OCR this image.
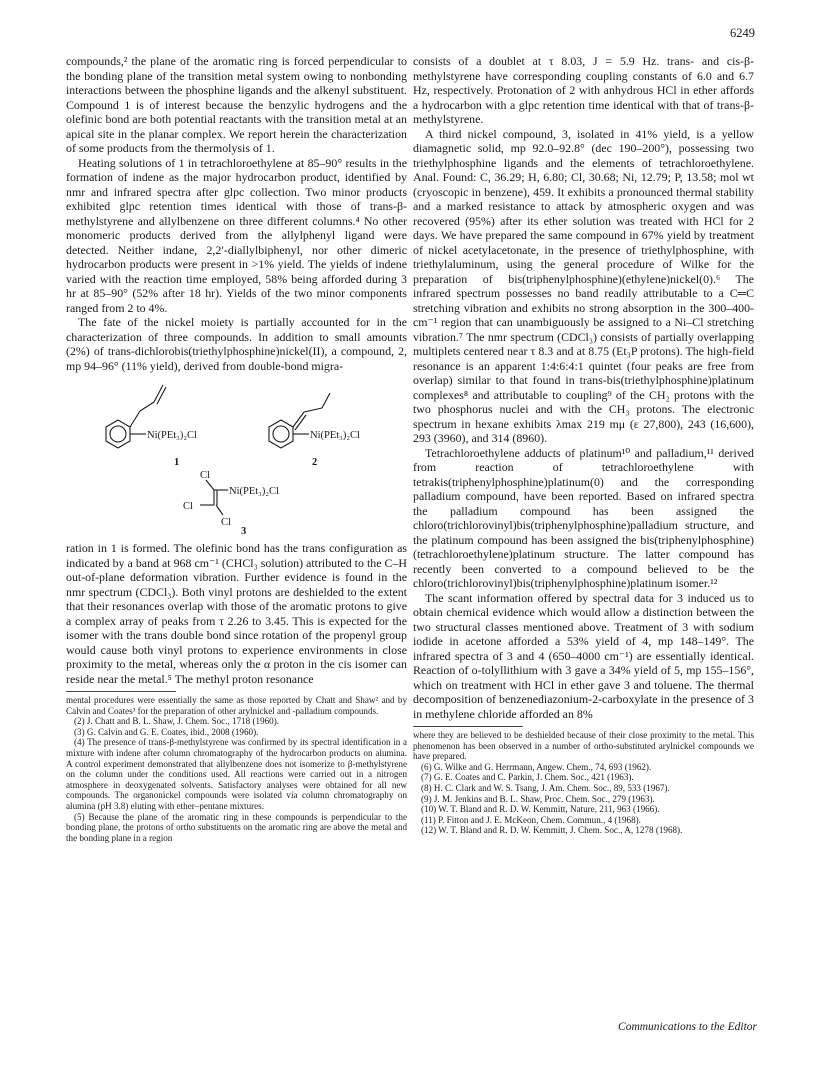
6249

compounds,² the plane of the aromatic ring is forced perpendicular to the bonding plane of the transition metal system owing to nonbonding interactions between the phosphine ligands and the alkenyl substituent. Compound 1 is of interest because the benzylic hydrogens and the olefinic bond are both potential reactants with the transition metal at an apical site in the planar complex. We report herein the characterization of some products from the thermolysis of 1.

Heating solutions of 1 in tetrachloroethylene at 85–90° results in the formation of indene as the major hydrocarbon product, identified by nmr and infrared spectra after glpc collection. Two minor products exhibited glpc retention times identical with those of trans-β-methylstyrene and allylbenzene on three different columns.⁴ No other monomeric products derived from the allylphenyl ligand were detected. Neither indane, 2,2′-diallylbiphenyl, nor other dimeric hydrocarbon products were present in >1% yield. The yields of indene varied with the reaction time employed, 58% being afforded during 3 hr at 85–90° (52% after 18 hr). Yields of the two minor components ranged from 2 to 4%.

The fate of the nickel moiety is partially accounted for in the characterization of three compounds. In addition to small amounts (2%) of trans-dichlorobis(triethylphosphine)nickel(II), a compound, 2, mp 94–96° (11% yield), derived from double-bond migra-

Ni(PEt₃)₂Cl
1
Ni(PEt₃)₂Cl
2
Cl
Ni(PEt₃)₂Cl
Cl
Cl
3

ration in 1 is formed. The olefinic bond has the trans configuration as indicated by a band at 968 cm⁻¹ (CHCl₃ solution) attributed to the C–H out-of-plane deformation vibration. Further evidence is found in the nmr spectrum (CDCl₃). Both vinyl protons are deshielded to the extent that their resonances overlap with those of the aromatic protons to give a complex array of peaks from τ 2.26 to 3.45. This is expected for the isomer with the trans double bond since rotation of the propenyl group would cause both vinyl protons to experience environments in close proximity to the metal, whereas only the α proton in the cis isomer can reside near the metal.⁵ The methyl proton resonance

mental procedures were essentially the same as those reported by Chatt and Shaw² and by Calvin and Coates³ for the preparation of other arylnickel and -palladium compounds.

(2) J. Chatt and B. L. Shaw, J. Chem. Soc., 1718 (1960).

(3) G. Calvin and G. E. Coates, ibid., 2008 (1960).

(4) The presence of trans-β-methylstyrene was confirmed by its spectral identification in a mixture with indene after column chromatography of the hydrocarbon products on alumina. A control experiment demonstrated that allylbenzene does not isomerize to β-methylstyrene on the column under the conditions used. All reactions were carried out in a nitrogen atmosphere in deoxygenated solvents. Satisfactory analyses were obtained for all new compounds. The organonickel compounds were isolated via column chromatography on alumina (pH 3.8) eluting with ether–pentane mixtures.

(5) Because the plane of the aromatic ring in these compounds is perpendicular to the bonding plane, the protons of ortho substituents on the aromatic ring are above the metal and the bonding plane in a region

consists of a doublet at τ 8.03, J = 5.9 Hz. trans- and cis-β-methylstyrene have corresponding coupling constants of 6.0 and 6.7 Hz, respectively. Protonation of 2 with anhydrous HCl in ether affords a hydrocarbon with a glpc retention time identical with that of trans-β-methylstyrene.

A third nickel compound, 3, isolated in 41% yield, is a yellow diamagnetic solid, mp 92.0–92.8° (dec 190–200°), possessing two triethylphosphine ligands and the elements of tetrachloroethylene. Anal. Found: C, 36.29; H, 6.80; Cl, 30.68; Ni, 12.79; P, 13.58; mol wt (cryoscopic in benzene), 459. It exhibits a pronounced thermal stability and a marked resistance to attack by atmospheric oxygen and was recovered (95%) after its ether solution was treated with HCl for 2 days. We have prepared the same compound in 67% yield by treatment of nickel acetylacetonate, in the presence of triethylphosphine, with triethylaluminum, using the general procedure of Wilke for the preparation of bis(triphenylphosphine)(ethylene)nickel(0).⁶ The infrared spectrum possesses no band readily attributable to a C═C stretching vibration and exhibits no strong absorption in the 300–400-cm⁻¹ region that can unambiguously be assigned to a Ni–Cl stretching vibration.⁷ The nmr spectrum (CDCl₃) consists of partially overlapping multiplets centered near τ 8.3 and at 8.75 (Et₃P protons). The high-field resonance is an apparent 1:4:6:4:1 quintet (four peaks are free from overlap) similar to that found in trans-bis(triethylphosphine)platinum complexes⁸ and attributable to coupling⁹ of the CH₂ protons with the two phosphorus nuclei and with the CH₃ protons. The electronic spectrum in hexane exhibits λmax 219 mμ (ε 27,800), 243 (16,600), 293 (3960), and 314 (8960).

Tetrachloroethylene adducts of platinum¹⁰ and palladium,¹¹ derived from reaction of tetrachloroethylene with tetrakis(triphenylphosphine)platinum(0) and the corresponding palladium compound, have been reported. Based on infrared spectra the palladium compound has been assigned the chloro(trichlorovinyl)bis(triphenylphosphine)palladium structure, and the platinum compound has been assigned the bis(triphenylphosphine)(tetrachloroethylene)platinum structure. The latter compound has recently been converted to a compound believed to be the chloro(trichlorovinyl)bis(triphenylphosphine)platinum isomer.¹²

The scant information offered by spectral data for 3 induced us to obtain chemical evidence which would allow a distinction between the two structural classes mentioned above. Treatment of 3 with sodium iodide in acetone afforded a 53% yield of 4, mp 148–149°. The infrared spectra of 3 and 4 (650–4000 cm⁻¹) are essentially identical. Reaction of o-tolyllithium with 3 gave a 34% yield of 5, mp 155–156°, which on treatment with HCl in ether gave 3 and toluene. The thermal decomposition of benzenediazonium-2-carboxylate in the presence of 3 in methylene chloride afforded an 8%

where they are believed to be deshielded because of their close proximity to the metal. This phenomenon has been observed in a number of ortho-substituted arylnickel compounds we have prepared.

(6) G. Wilke and G. Herrmann, Angew. Chem., 74, 693 (1962).

(7) G. E. Coates and C. Parkin, J. Chem. Soc., 421 (1963).

(8) H. C. Clark and W. S. Tsang, J. Am. Chem. Soc., 89, 533 (1967).

(9) J. M. Jenkins and B. L. Shaw, Proc. Chem. Soc., 279 (1963).

(10) W. T. Bland and R. D. W. Kemmitt, Nature, 211, 963 (1966).

(11) P. Fitton and J. E. McKeon, Chem. Commun., 4 (1968).

(12) W. T. Bland and R. D. W. Kemmitt, J. Chem. Soc., A, 1278 (1968).

Communications to the Editor
